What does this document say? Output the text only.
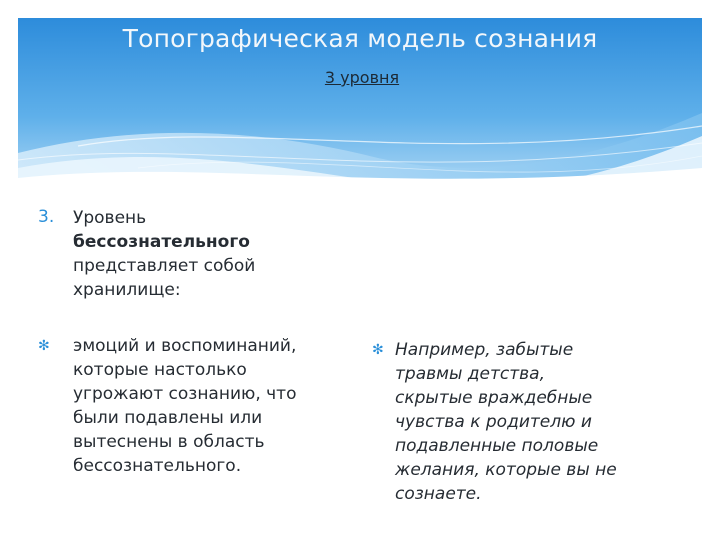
Топографическая модель сознания
3 уровня
3. Уровень

бессознательного

представляет собой

хранилище:

✻ эмоций и воспоминаний,

которые настолько

угрожают сознанию, что

были подавлены или

вытеснены в область

бессознательного.

✻ Например, забытые

травмы детства,

скрытые враждебные

чувства к родителю и

подавленные половые

желания, которые вы не

сознаете.
